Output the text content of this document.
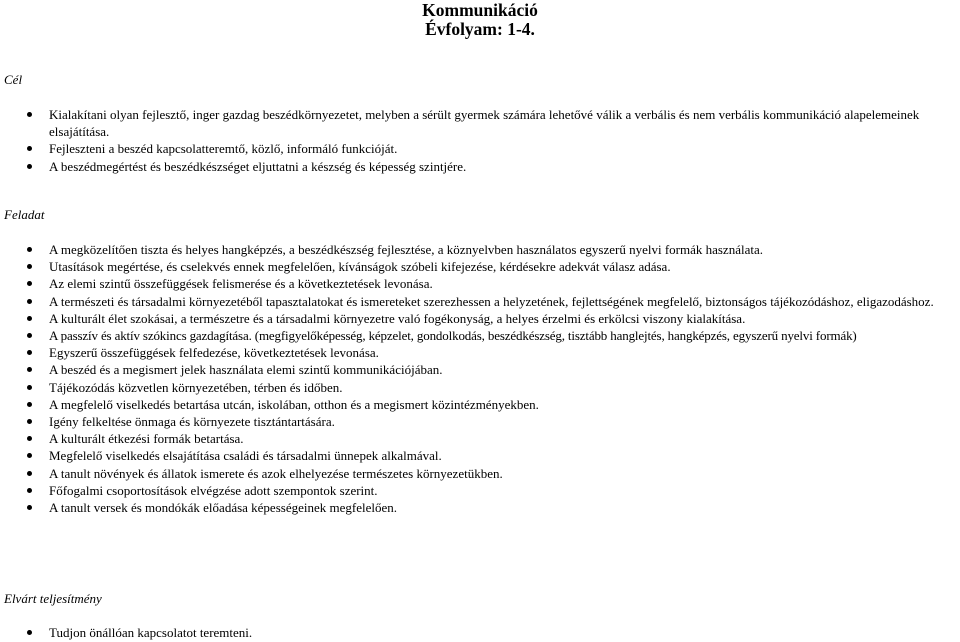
Kommunikáció
Évfolyam: 1-4.
Cél
Kialakítani olyan fejlesztő, inger gazdag beszédkörnyezetet, melyben a sérült gyermek számára lehetővé válik a verbális és nem verbális kommunikáció alapelemeinek elsajátítása.
Fejleszteni a beszéd kapcsolatteremtő, közlő, informáló funkcióját.
A beszédmegértést és beszédkészséget eljuttatni a készség és képesség szintjére.
Feladat
A megközelítően tiszta és helyes hangképzés, a beszédkészség fejlesztése, a köznyelvben használatos egyszerű nyelvi formák használata.
Utasítások megértése, és cselekvés ennek megfelelően, kívánságok szóbeli kifejezése, kérdésekre adekvát válasz adása.
Az elemi szintű összefüggések felismerése és a következtetések levonása.
A természeti és társadalmi környezetéből tapasztalatokat és ismereteket szerezhessen a helyzetének, fejlettségének megfelelő, biztonságos tájékozódáshoz, eligazodáshoz.
A kulturált élet szokásai, a természetre és a társadalmi környezetre való fogékonyság, a helyes érzelmi és erkölcsi viszony kialakítása.
A passzív és aktív szókincs gazdagítása. (megfigyelőképesség, képzelet, gondolkodás, beszédkészség, tisztább hanglejtés, hangképzés, egyszerű nyelvi formák)
Egyszerű összefüggések felfedezése, következtetések levonása.
A beszéd és a megismert jelek használata elemi szintű kommunikációjában.
Tájékozódás közvetlen környezetében, térben és időben.
A megfelelő viselkedés betartása utcán, iskolában, otthon és a megismert közintézményekben.
Igény felkeltése önmaga és környezete tisztántartására.
A kulturált étkezési formák betartása.
Megfelelő viselkedés elsajátítása családi és társadalmi ünnepek alkalmával.
A tanult növények és állatok ismerete és azok elhelyezése természetes környezetükben.
Főfogalmi csoportosítások elvégzése adott szempontok szerint.
A tanult versek és mondókák előadása képességeinek megfelelően.
Elvárt teljesítmény
Tudjon önállóan kapcsolatot teremteni.
